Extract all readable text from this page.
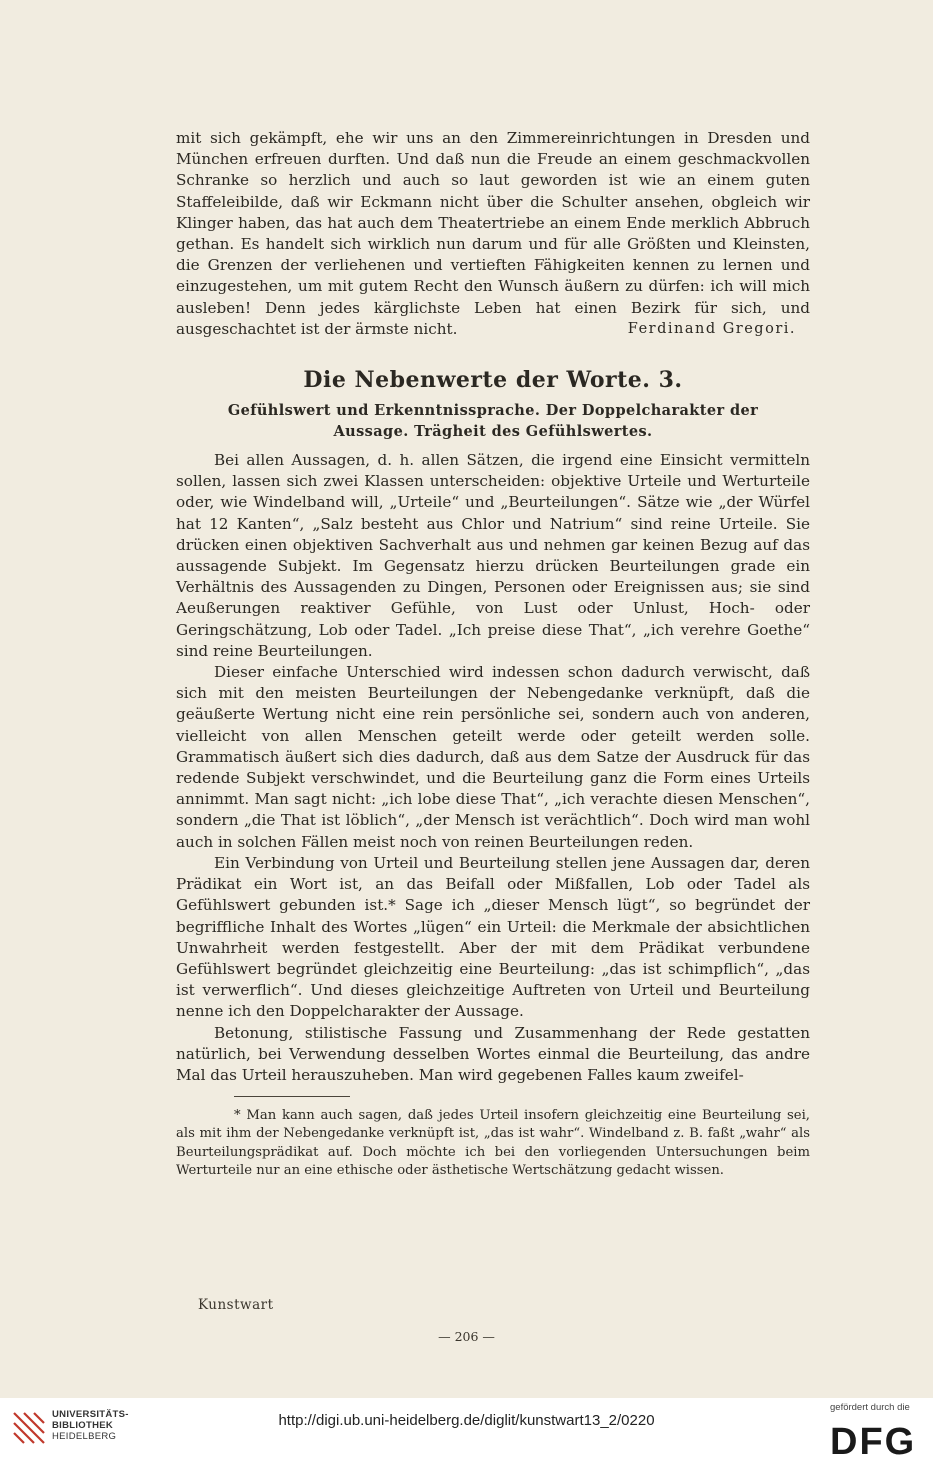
mit sich gekämpft, ehe wir uns an den Zimmereinrichtungen in Dresden und München erfreuen durften. Und daß nun die Freude an einem geschmackvollen Schranke so herzlich und auch so laut geworden ist wie an einem guten Staffeleibilde, daß wir Eckmann nicht über die Schulter ansehen, obgleich wir Klinger haben, das hat auch dem Theatertriebe an einem Ende merklich Abbruch gethan. Es handelt sich wirklich nun darum und für alle Größten und Kleinsten, die Grenzen der verliehenen und vertieften Fähigkeiten kennen zu lernen und einzugestehen, um mit gutem Recht den Wunsch äußern zu dürfen: ich will mich ausleben! Denn jedes kärglichste Leben hat einen Bezirk für sich, und ausgeschachtet ist der ärmste nicht.	Ferdinand Gregori.
Die Nebenwerte der Worte. 3.
Gefühlswert und Erkenntnissprache. Der Doppelcharakter der
Aussage. Trägheit des Gefühlswertes.

Bei allen Aussagen, d. h. allen Sätzen, die irgend eine Einsicht vermitteln sollen, lassen sich zwei Klassen unterscheiden: objektive Urteile und Werturteile oder, wie Windelband will, „Urteile“ und „Beurteilungen“. Sätze wie „der Würfel hat 12 Kanten“, „Salz besteht aus Chlor und Natrium“ sind reine Urteile. Sie drücken einen objektiven Sachverhalt aus und nehmen gar keinen Bezug auf das aussagende Subjekt. Im Gegensatz hierzu drücken Beurteilungen grade ein Verhältnis des Aussagenden zu Dingen, Personen oder Ereignissen aus; sie sind Aeußerungen reaktiver Gefühle, von Lust oder Unlust, Hoch- oder Geringschätzung, Lob oder Tadel. „Ich preise diese That“, „ich verehre Goethe“ sind reine Beurteilungen.

Dieser einfache Unterschied wird indessen schon dadurch verwischt, daß sich mit den meisten Beurteilungen der Nebengedanke verknüpft, daß die geäußerte Wertung nicht eine rein persönliche sei, sondern auch von anderen, vielleicht von allen Menschen geteilt werde oder geteilt werden solle. Grammatisch äußert sich dies dadurch, daß aus dem Satze der Ausdruck für das redende Subjekt verschwindet, und die Beurteilung ganz die Form eines Urteils annimmt. Man sagt nicht: „ich lobe diese That“, „ich verachte diesen Menschen“, sondern „die That ist löblich“, „der Mensch ist verächtlich“. Doch wird man wohl auch in solchen Fällen meist noch von reinen Beurteilungen reden.

Ein Verbindung von Urteil und Beurteilung stellen jene Aussagen dar, deren Prädikat ein Wort ist, an das Beifall oder Mißfallen, Lob oder Tadel als Gefühlswert gebunden ist.* Sage ich „dieser Mensch lügt“, so begründet der begriffliche Inhalt des Wortes „lügen“ ein Urteil: die Merkmale der absichtlichen Unwahrheit werden festgestellt. Aber der mit dem Prädikat verbundene Gefühlswert begründet gleichzeitig eine Beurteilung: „das ist schimpflich“, „das ist verwerflich“. Und dieses gleichzeitige Auftreten von Urteil und Beurteilung nenne ich den Doppelcharakter der Aussage.

Betonung, stilistische Fassung und Zusammenhang der Rede gestatten natürlich, bei Verwendung desselben Wortes einmal die Beurteilung, das andre Mal das Urteil herauszuheben. Man wird gegebenen Falles kaum zweifel-

* Man kann auch sagen, daß jedes Urteil insofern gleichzeitig eine Beurteilung sei, als mit ihm der Nebengedanke verknüpft ist, „das ist wahr“. Windelband z. B. faßt „wahr“ als Beurteilungsprädikat auf. Doch möchte ich bei den vorliegenden Untersuchungen beim Werturteile nur an eine ethische oder ästhetische Wertschätzung gedacht wissen.

Kunstwart
— 206 —
UNIVERSITÄTS-
BIBLIOTHEK
HEIDELBERG
http://digi.ub.uni-heidelberg.de/diglit/kunstwart13_2/0220
gefördert durch die
DFG
